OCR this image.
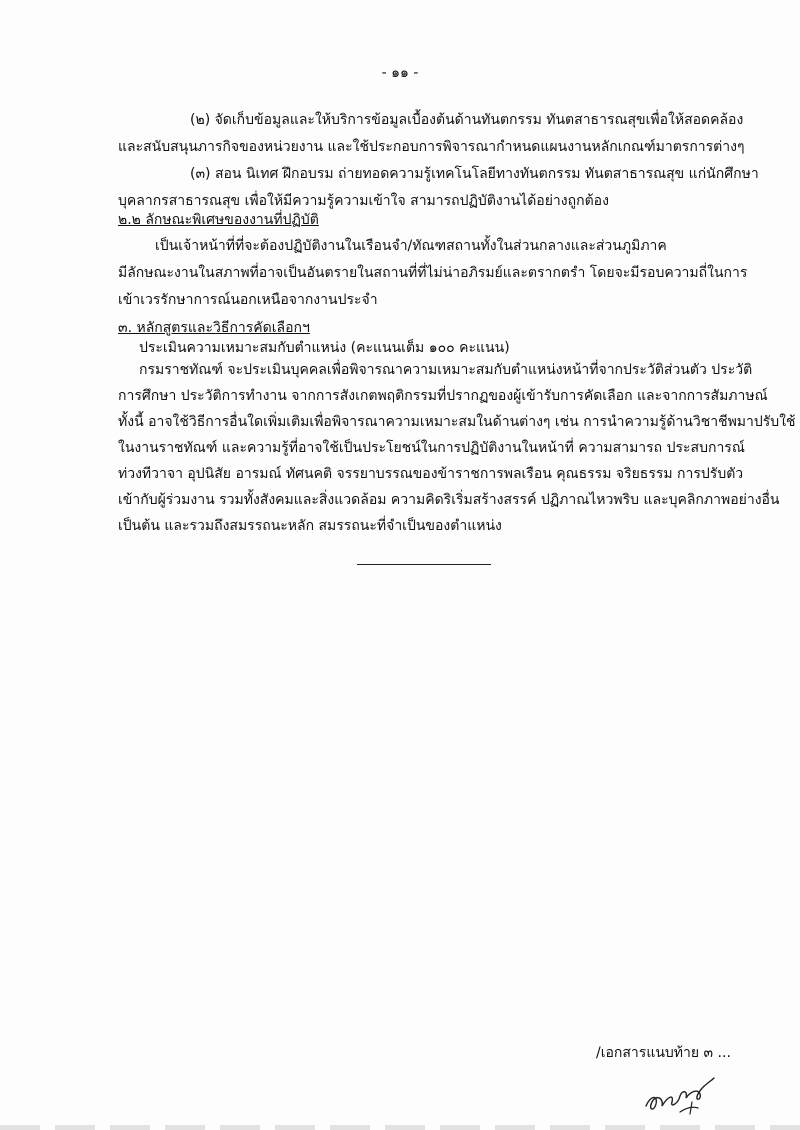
- ๑๑ -
(๒) จัดเก็บข้อมูลและให้บริการข้อมูลเบื้องต้นด้านทันตกรรม ทันตสาธารณสุขเพื่อให้สอดคล้อง
และสนับสนุนภารกิจของหน่วยงาน และใช้ประกอบการพิจารณากำหนดแผนงานหลักเกณฑ์มาตรการต่างๆ
(๓) สอน นิเทศ ฝึกอบรม ถ่ายทอดความรู้เทคโนโลยีทางทันตกรรม ทันตสาธารณสุข แก่นักศึกษา
บุคลากรสาธารณสุข เพื่อให้มีความรู้ความเข้าใจ สามารถปฏิบัติงานได้อย่างถูกต้อง
๒.๒ ลักษณะพิเศษของงานที่ปฏิบัติ
เป็นเจ้าหน้าที่ที่จะต้องปฏิบัติงานในเรือนจำ/ทัณฑสถานทั้งในส่วนกลางและส่วนภูมิภาค
มีลักษณะงานในสภาพที่อาจเป็นอันตรายในสถานที่ที่ไม่น่าอภิรมย์และตรากตรำ โดยจะมีรอบความถี่ในการ
เข้าเวรรักษาการณ์นอกเหนือจากงานประจำ
๓. หลักสูตรและวิธีการคัดเลือกฯ
ประเมินความเหมาะสมกับตำแหน่ง (คะแนนเต็ม ๑๐๐ คะแนน)
กรมราชทัณฑ์ จะประเมินบุคคลเพื่อพิจารณาความเหมาะสมกับตำแหน่งหน้าที่จากประวัติส่วนตัว ประวัติ
การศึกษา ประวัติการทำงาน จากการสังเกตพฤติกรรมที่ปรากฏของผู้เข้ารับการคัดเลือก และจากการสัมภาษณ์
ทั้งนี้ อาจใช้วิธีการอื่นใดเพิ่มเติมเพื่อพิจารณาความเหมาะสมในด้านต่างๆ เช่น การนำความรู้ด้านวิชาชีพมาปรับใช้
ในงานราชทัณฑ์ และความรู้ที่อาจใช้เป็นประโยชน์ในการปฏิบัติงานในหน้าที่ ความสามารถ ประสบการณ์
ท่วงทีวาจา อุปนิสัย อารมณ์ ทัศนคติ จรรยาบรรณของข้าราชการพลเรือน คุณธรรม จริยธรรม การปรับตัว
เข้ากับผู้ร่วมงาน รวมทั้งสังคมและสิ่งแวดล้อม ความคิดริเริ่มสร้างสรรค์ ปฏิภาณไหวพริบ และบุคลิกภาพอย่างอื่น
เป็นต้น และรวมถึงสมรรถนะหลัก สมรรถนะที่จำเป็นของตำแหน่ง
/เอกสารแนบท้าย ๓ ...
